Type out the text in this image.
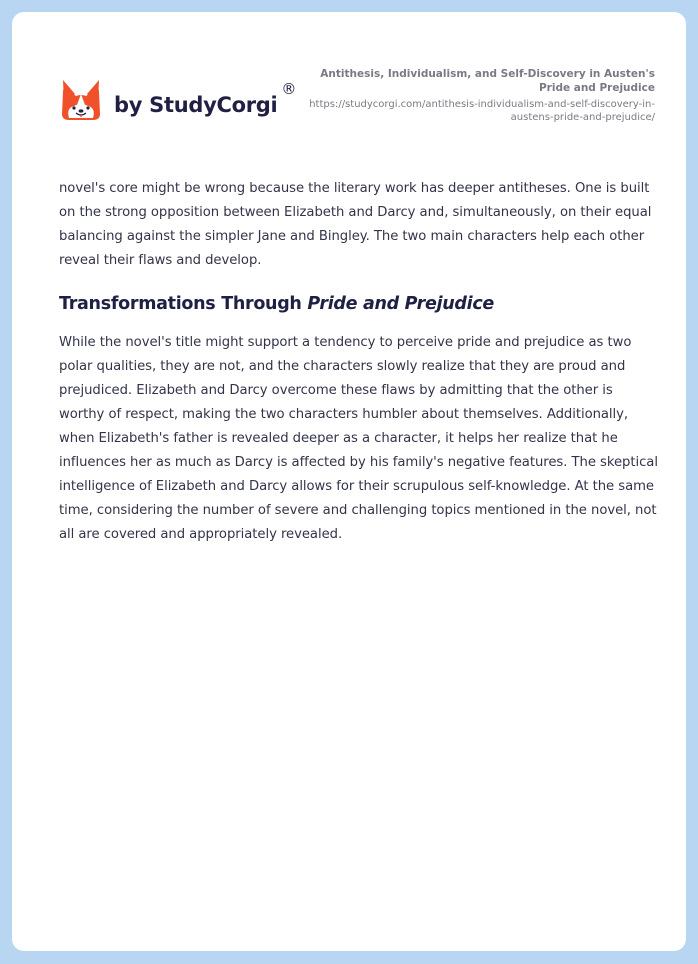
by StudyCorgi
®
Antithesis, Individualism, and Self-Discovery in Austen's Pride and Prejudice
https://studycorgi.com/antithesis-individualism-and-self-discovery-in-austens-pride-and-prejudice/

novel's core might be wrong because the literary work has deeper antitheses. One is built on the strong opposition between Elizabeth and Darcy and, simultaneously, on their equal balancing against the simpler Jane and Bingley. The two main characters help each other reveal their flaws and develop.

Transformations Through Pride and Prejudice

While the novel's title might support a tendency to perceive pride and prejudice as two polar qualities, they are not, and the characters slowly realize that they are proud and prejudiced. Elizabeth and Darcy overcome these flaws by admitting that the other is worthy of respect, making the two characters humbler about themselves. Additionally, when Elizabeth's father is revealed deeper as a character, it helps her realize that he influences her as much as Darcy is affected by his family's negative features. The skeptical intelligence of Elizabeth and Darcy allows for their scrupulous self-knowledge. At the same time, considering the number of severe and challenging topics mentioned in the novel, not all are covered and appropriately revealed.
